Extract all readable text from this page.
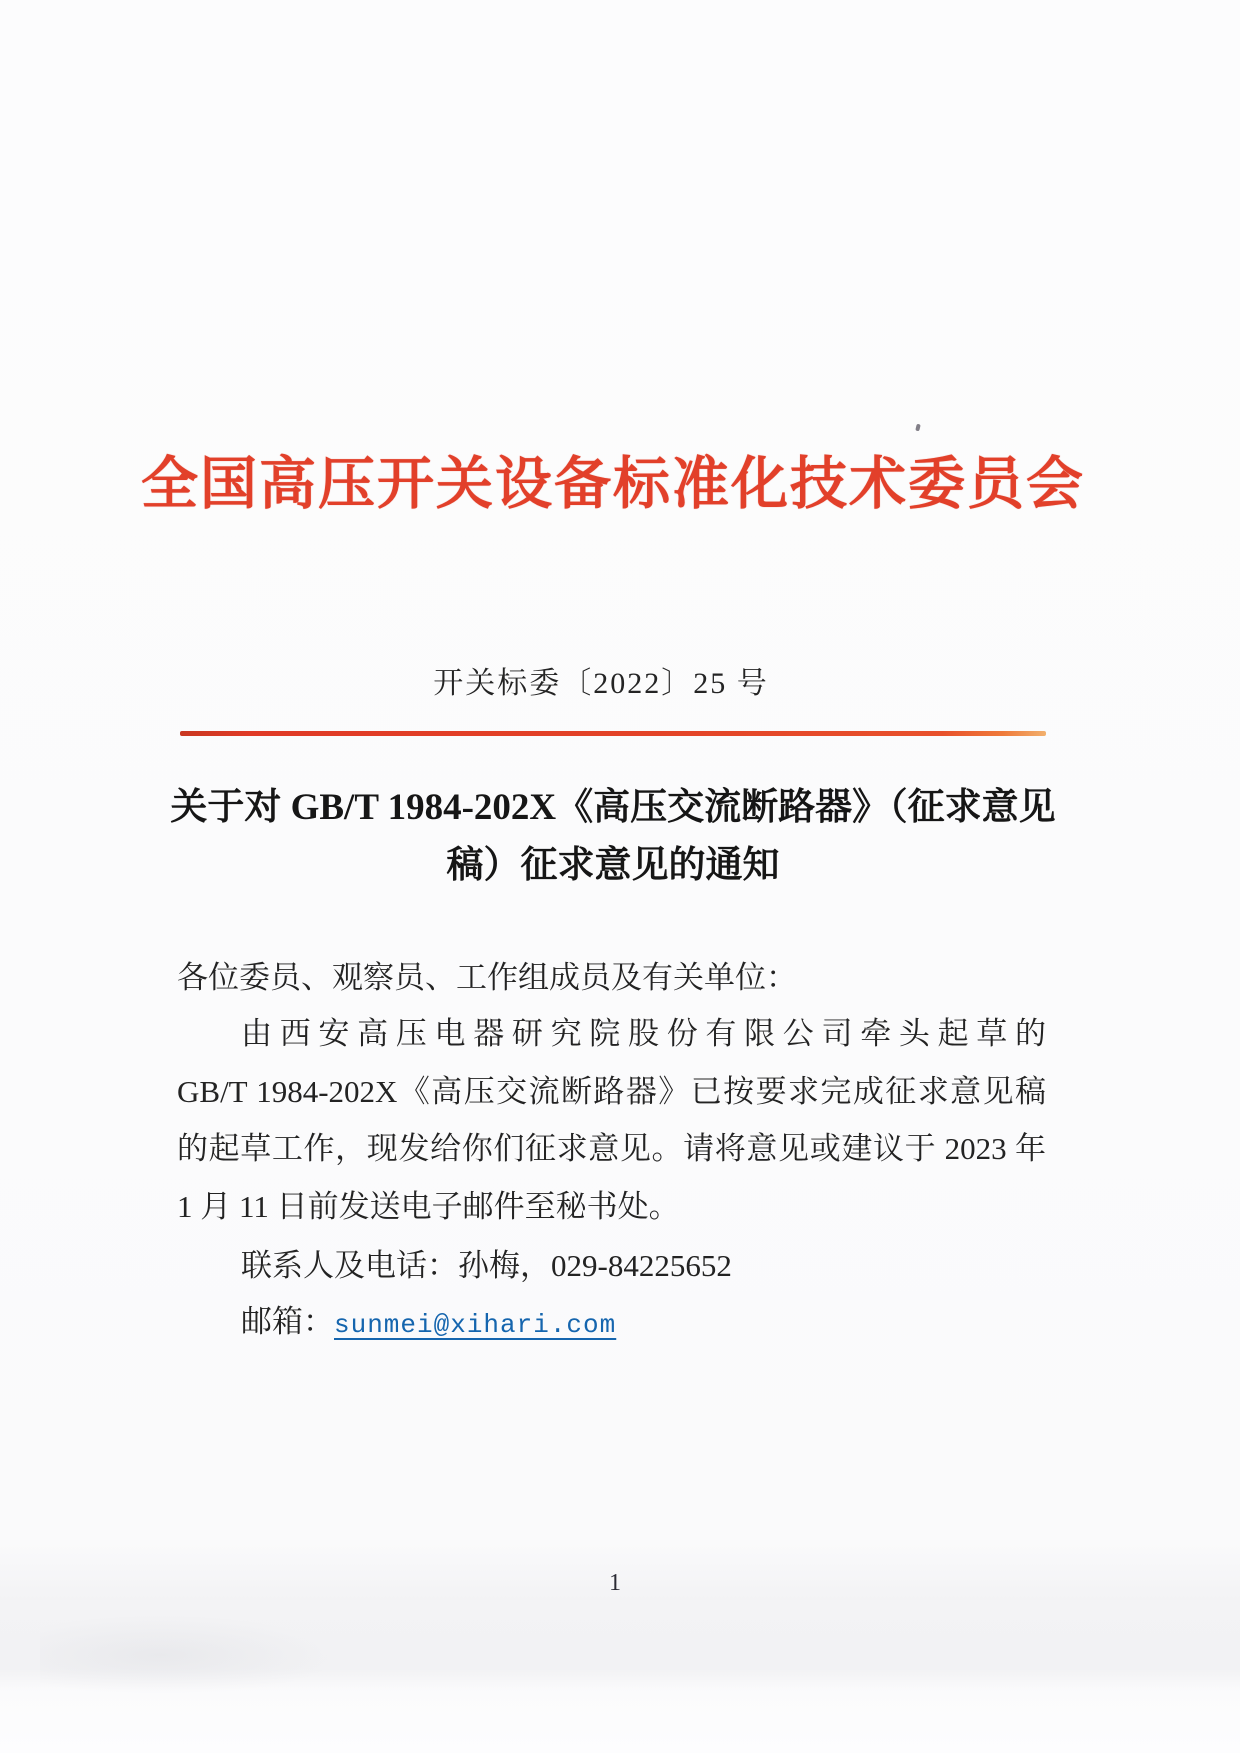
全国高压开关设备标准化技术委员会
开关标委〔2022〕25 号
关于对 GB/T 1984-202X《高压交流断路器》（征求意见
稿）征求意见的通知
各位委员、观察员、工作组成员及有关单位：
由西安高压电器研究院股份有限公司牵头起草的
GB/T 1984-202X《高压交流断路器》已按要求完成征求意见稿
的起草工作，现发给你们征求意见。请将意见或建议于 2023 年
1 月 11 日前发送电子邮件至秘书处。
联系人及电话：孙梅，029-84225652
邮箱：sunmei@xihari.com
1
